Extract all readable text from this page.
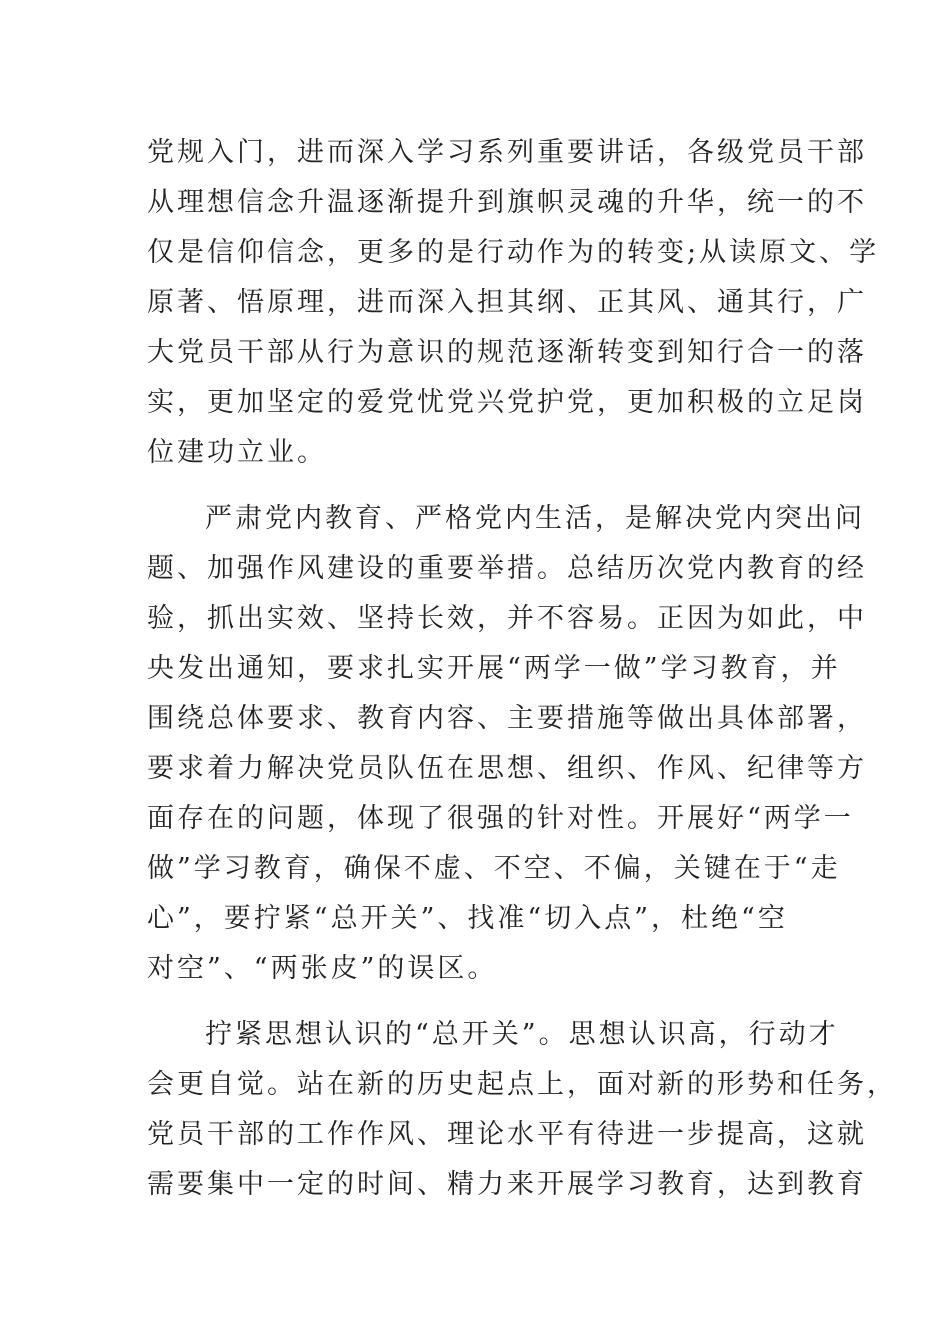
党规入门，进而深入学习系列重要讲话，各级党员干部
从理想信念升温逐渐提升到旗帜灵魂的升华，统一的不
仅是信仰信念，更多的是行动作为的转变;从读原文、学
原著、悟原理，进而深入担其纲、正其风、通其行，广
大党员干部从行为意识的规范逐渐转变到知行合一的落
实，更加坚定的爱党忧党兴党护党，更加积极的立足岗
位建功立业。
严肃党内教育、严格党内生活，是解决党内突出问
题、加强作风建设的重要举措。总结历次党内教育的经
验，抓出实效、坚持长效，并不容易。正因为如此，中
央发出通知，要求扎实开展“两学一做”学习教育，并
围绕总体要求、教育内容、主要措施等做出具体部署，
要求着力解决党员队伍在思想、组织、作风、纪律等方
面存在的问题，体现了很强的针对性。开展好“两学一
做”学习教育，确保不虚、不空、不偏，关键在于“走
心”，要拧紧“总开关”、找准“切入点”，杜绝“空
对空”、“两张皮”的误区。
拧紧思想认识的“总开关”。思想认识高，行动才
会更自觉。站在新的历史起点上，面对新的形势和任务，
党员干部的工作作风、理论水平有待进一步提高，这就
需要集中一定的时间、精力来开展学习教育，达到教育
